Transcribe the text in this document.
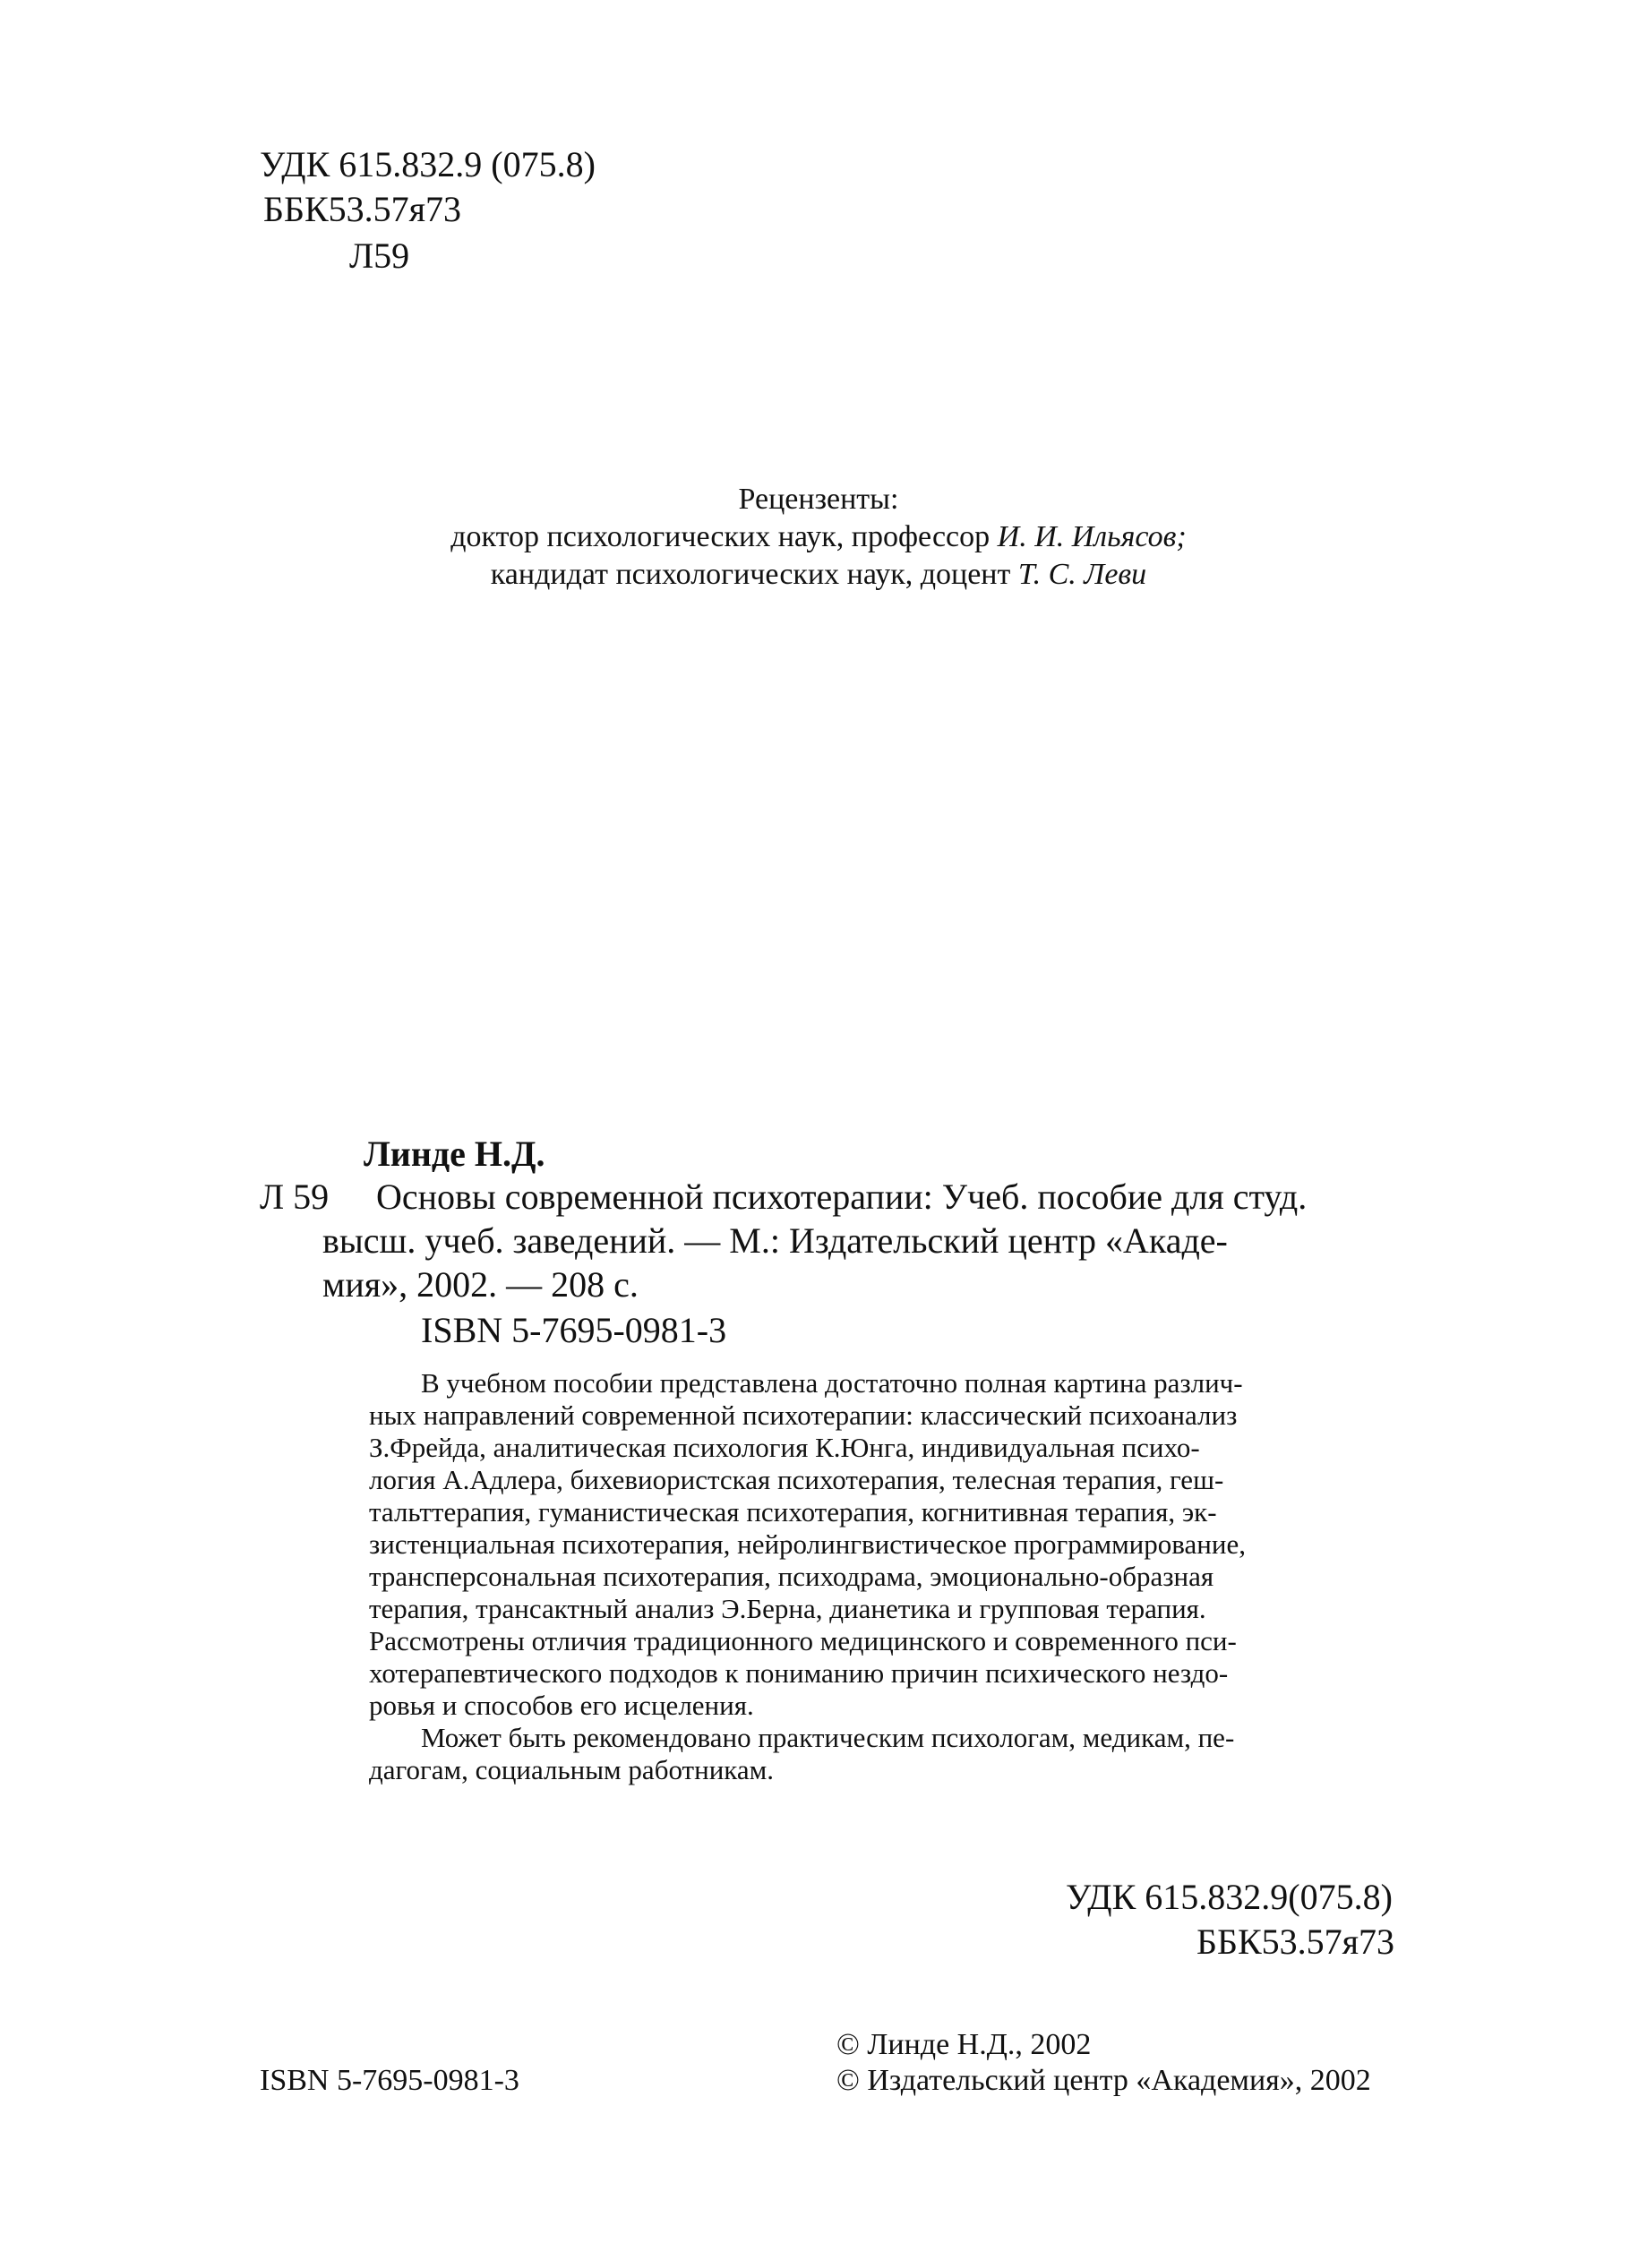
УДК 615.832.9 (075.8)
ББК53.57я73
Л59
Рецензенты:
доктор психологических наук, профессор И. И. Ильясов;
кандидат психологических наук, доцент Т. С. Леви
Линде Н.Д.
Л 59 Основы современной психотерапии: Учеб. пособие для студ.
высш. учеб. заведений. — М.: Издательский центр «Акаде-
мия», 2002. — 208 с.
ISBN 5-7695-0981-3
В учебном пособии представлена достаточно полная картина различ-
ных направлений современной психотерапии: классический психоанализ
З.Фрейда, аналитическая психология К.Юнга, индивидуальная психо-
логия А.Адлера, бихевиористская психотерапия, телесная терапия, геш-
тальттерапия, гуманистическая психотерапия, когнитивная терапия, эк-
зистенциальная психотерапия, нейролингвистическое программирование,
трансперсональная психотерапия, психодрама, эмоционально-образная
терапия, трансактный анализ Э.Берна, дианетика и групповая терапия.
Рассмотрены отличия традиционного медицинского и современного пси-
хотерапевтического подходов к пониманию причин психического нездо-
ровья и способов его исцеления.
Может быть рекомендовано практическим психологам, медикам, пе-
дагогам, социальным работникам.
УДК 615.832.9(075.8)
ББК53.57я73
© Линде Н.Д., 2002
ISBN 5-7695-0981-3	© Издательский центр «Академия», 2002
